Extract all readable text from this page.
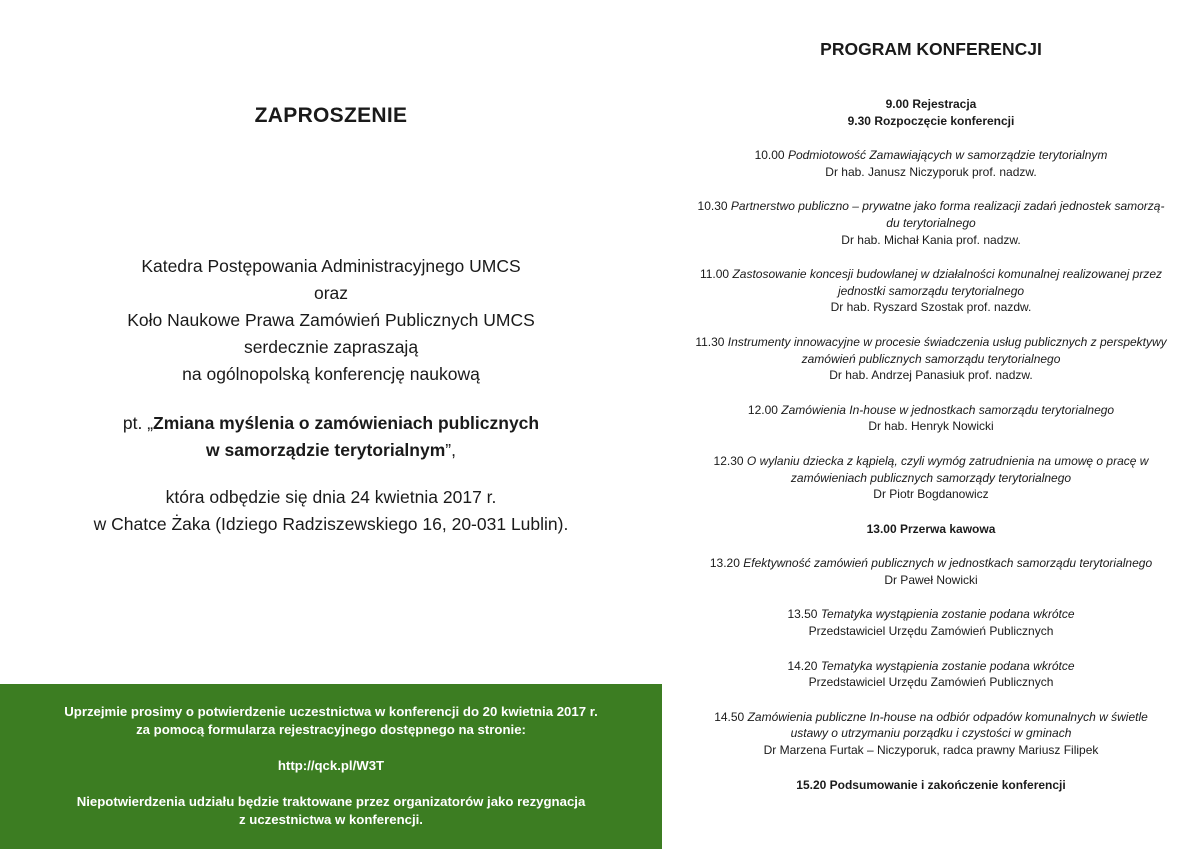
ZAPROSZENIE
Katedra Postępowania Administracyjnego UMCS
oraz
Koło Naukowe Prawa Zamówień Publicznych UMCS
serdecznie zapraszają
na ogólnopolską konferencję naukową
pt. „Zmiana myślenia o zamówieniach publicznych
w samorządzie terytorialnym”,
która odbędzie się dnia 24 kwietnia 2017 r.
w Chatce Żaka (Idziego Radziszewskiego 16, 20-031 Lublin).
Uprzejmie prosimy o potwierdzenie uczestnictwa w konferencji do 20 kwietnia 2017 r.
za pomocą formularza rejestracyjnego dostępnego na stronie:
http://qck.pl/W3T
Niepotwierdzenia udziału będzie traktowane przez organizatorów jako rezygnacja
z uczestnictwa w konferencji.
PROGRAM KONFERENCJI
9.00 Rejestracja
9.30 Rozpoczęcie konferencji
10.00 Podmiotowość Zamawiających w samorządzie terytorialnym
Dr hab. Janusz Niczyporuk prof. nadzw.
10.30 Partnerstwo publiczno – prywatne jako forma realizacji zadań jednostek samorzą-
du terytorialnego
Dr hab. Michał Kania prof. nadzw.
11.00 Zastosowanie koncesji budowlanej w działalności komunalnej realizowanej przez
jednostki samorządu terytorialnego
Dr hab. Ryszard Szostak prof. nazdw.
11.30 Instrumenty innowacyjne w procesie świadczenia usług publicznych z perspektywy
zamówień publicznych samorządu terytorialnego
Dr hab. Andrzej Panasiuk prof. nadzw.
12.00 Zamówienia In-house w jednostkach samorządu terytorialnego
Dr hab. Henryk Nowicki
12.30 O wylaniu dziecka z kąpielą, czyli wymóg zatrudnienia na umowę o pracę w
zamówieniach publicznych samorządy terytorialnego
Dr Piotr Bogdanowicz
13.00 Przerwa kawowa
13.20 Efektywność zamówień publicznych w jednostkach samorządu terytorialnego
Dr Paweł Nowicki
13.50 Tematyka wystąpienia zostanie podana wkrótce
Przedstawiciel Urzędu Zamówień Publicznych
14.20 Tematyka wystąpienia zostanie podana wkrótce
Przedstawiciel Urzędu Zamówień Publicznych
14.50 Zamówienia publiczne In-house na odbiór odpadów komunalnych w świetle
ustawy o utrzymaniu porządku i czystości w gminach
Dr Marzena Furtak – Niczyporuk, radca prawny Mariusz Filipek
15.20 Podsumowanie i zakończenie konferencji
